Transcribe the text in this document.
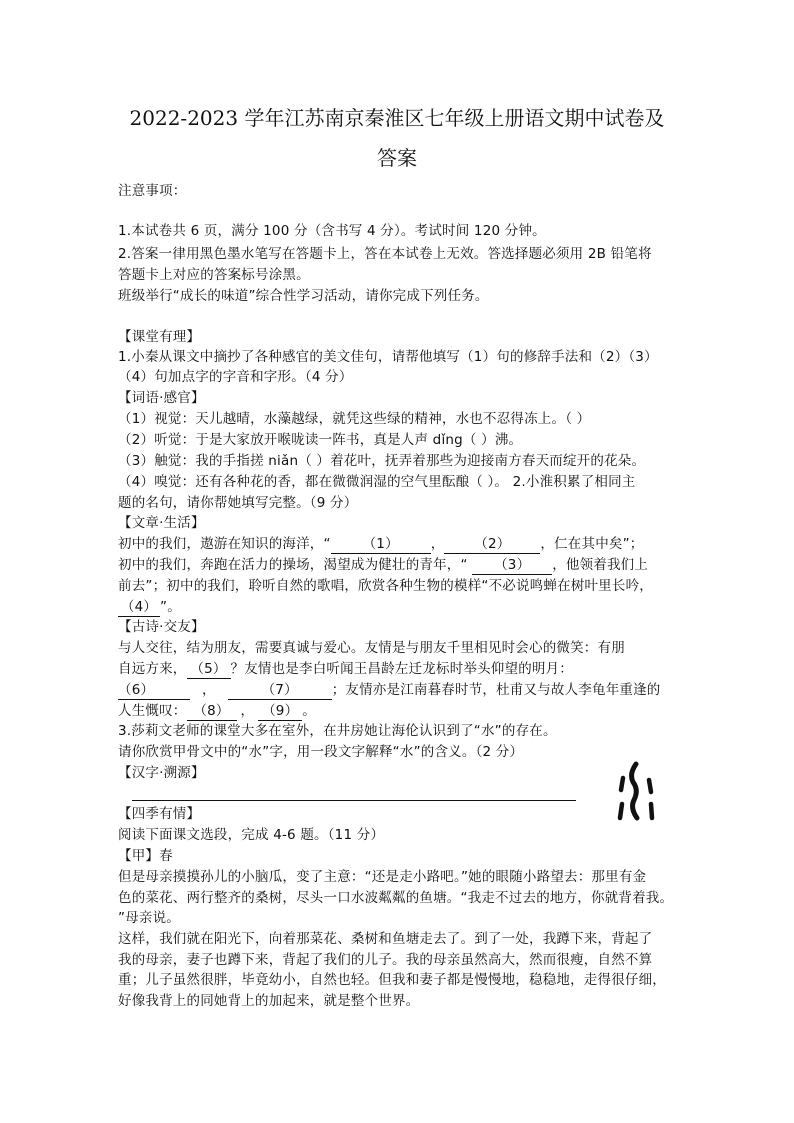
2022-2023 学年江苏南京秦淮区七年级上册语文期中试卷及
答案
注意事项：
1.本试卷共 6 页，满分 100 分（含书写 4 分）。考试时间 120 分钟。
2.答案一律用黑色墨水笔写在答题卡上，答在本试卷上无效。答选择题必须用 2B 铅笔将
答题卡上对应的答案标号涂黑。
班级举行“成长的味道”综合性学习活动，请你完成下列任务。
【课堂有理】
1.小秦从课文中摘抄了各种感官的美文佳句，请帮他填写（1）句的修辞手法和（2）（3）
（4）句加点字的字音和字形。（4 分）
【词语·感官】
（1）视觉：天儿越晴，水藻越绿，就凭这些绿的精神，水也不忍得冻上。（ ）
（2）听觉：于是大家放开喉咙读一阵书，真是人声 dǐng（ ）沸。
（3）触觉：我的手指搓 niǎn（ ）着花叶，抚弄着那些为迎接南方春天而绽开的花朵。
（4）嗅觉：还有各种花的香，都在微微润湿的空气里酝酿（ ）。 2.小淮积累了相同主
题的名句，请你帮她填写完整。（9 分）
【文章·生活】
初中的我们，遨游在知识的海洋，“ （1） ， （2） ，仁在其中矣”；
初中的我们，奔跑在活力的操场，渴望成为健壮的青年，“ （3） ，他领着我们上
前去”；初中的我们，聆听自然的歌唱，欣赏各种生物的模样“不必说鸣蝉在树叶里长吟，
（4） ”。
【古诗·交友】
与人交往，结为朋友，需要真诚与爱心。友情是与朋友千里相见时会心的微笑：有朋
自远方来， （5） ？友情也是李白听闻王昌龄左迁龙标时举头仰望的明月：
（6）	，	（7）	；友情亦是江南暮春时节，杜甫又与故人李龟年重逢的
人生慨叹： （8） ， （9） 。
3.莎莉文老师的课堂大多在室外，在井房她让海伦认识到了“水”的存在。
请你欣赏甲骨文中的“水”字，用一段文字解释“水”的含义。（2 分）
【汉字·溯源】
【四季有情】
阅读下面课文选段，完成 4-6 题。（11 分）
【甲】春
但是母亲摸摸孙儿的小脑瓜，变了主意：“还是走小路吧。”她的眼随小路望去：那里有金
色的菜花、两行整齐的桑树，尽头一口水波粼粼的鱼塘。“我走不过去的地方，你就背着我。
”母亲说。
这样，我们就在阳光下，向着那菜花、桑树和鱼塘走去了。到了一处，我蹲下来，背起了
我的母亲，妻子也蹲下来，背起了我们的儿子。我的母亲虽然高大，然而很瘦，自然不算
重；儿子虽然很胖，毕竟幼小，自然也轻。但我和妻子都是慢慢地，稳稳地，走得很仔细，
好像我背上的同她背上的加起来，就是整个世界。
